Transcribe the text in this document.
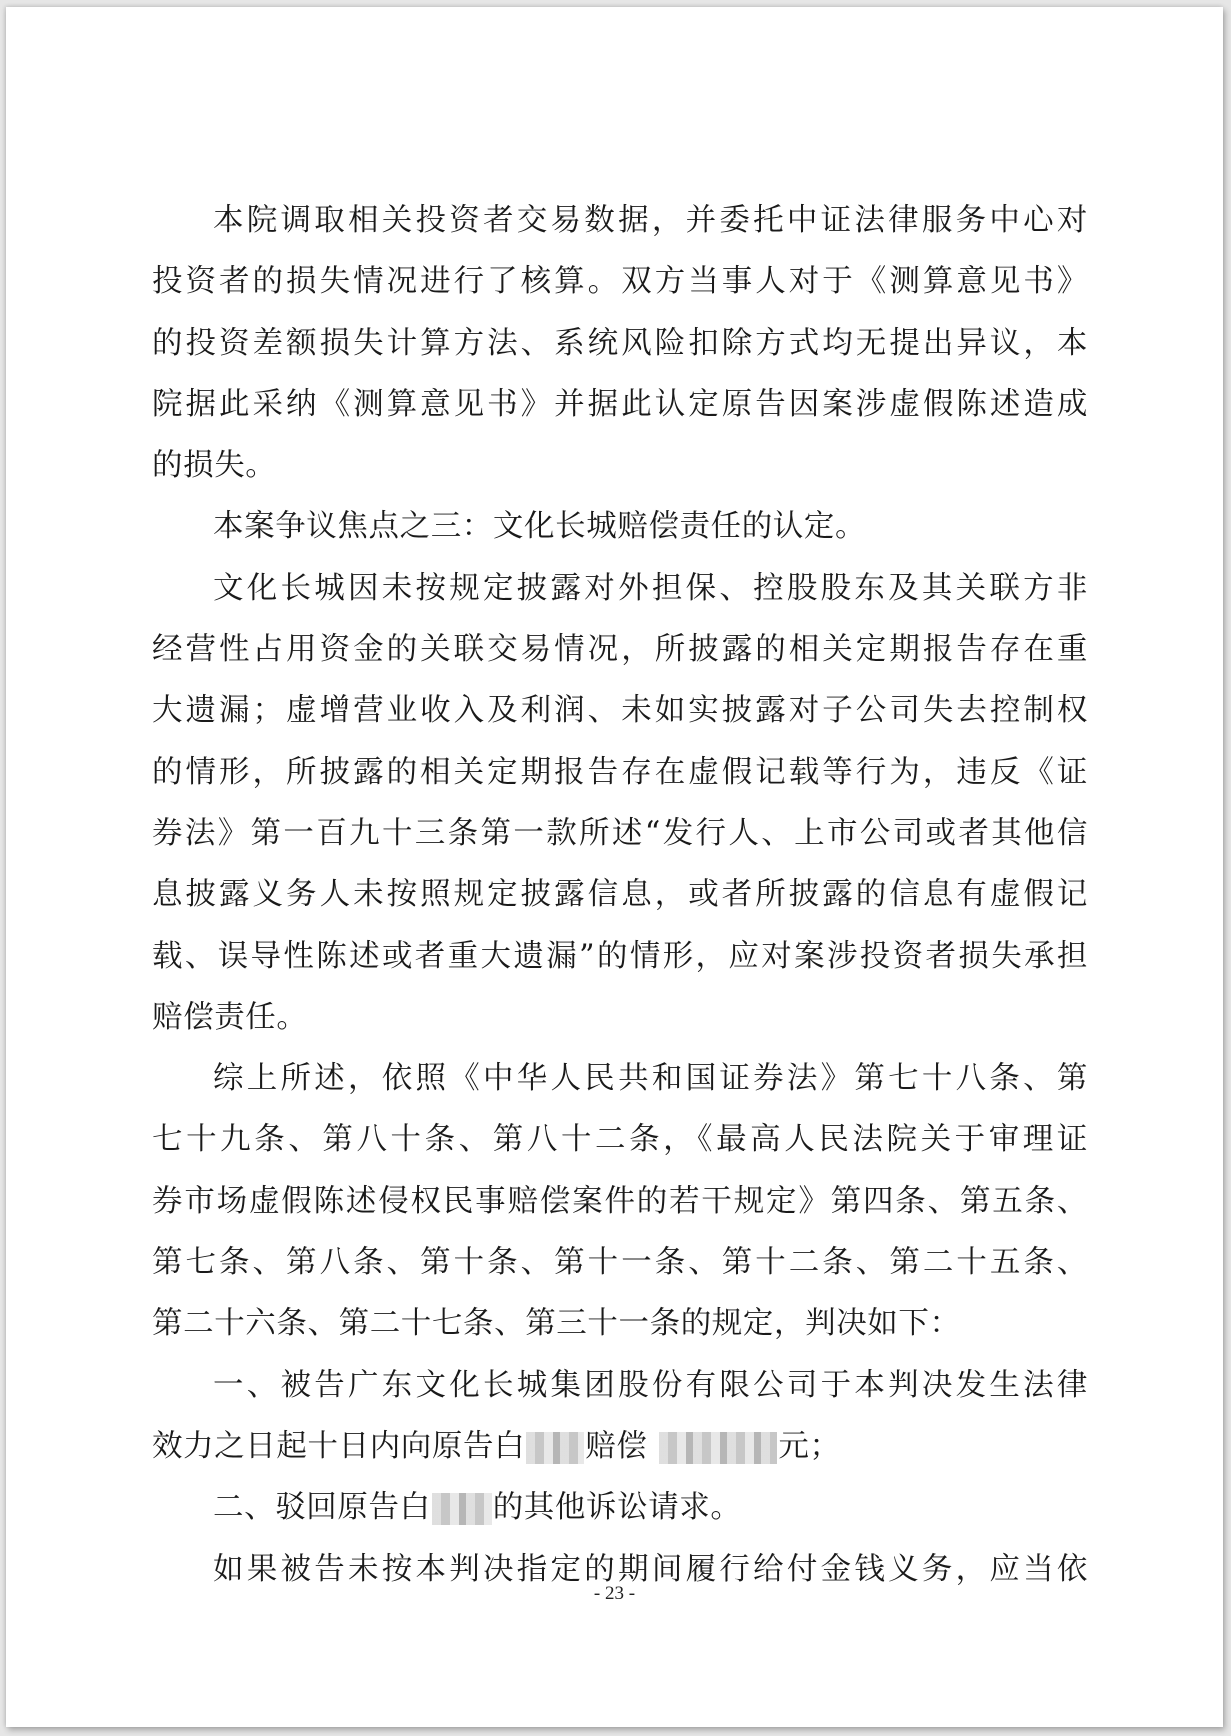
本院调取相关投资者交易数据，并委托中证法律服务中心对
投资者的损失情况进行了核算。双方当事人对于《测算意见书》
的投资差额损失计算方法、系统风险扣除方式均无提出异议，本
院据此采纳《测算意见书》并据此认定原告因案涉虚假陈述造成
的损失。

本案争议焦点之三：文化长城赔偿责任的认定。

文化长城因未按规定披露对外担保、控股股东及其关联方非
经营性占用资金的关联交易情况，所披露的相关定期报告存在重
大遗漏；虚增营业收入及利润、未如实披露对子公司失去控制权
的情形，所披露的相关定期报告存在虚假记载等行为，违反《证
券法》第一百九十三条第一款所述“发行人、上市公司或者其他信
息披露义务人未按照规定披露信息，或者所披露的信息有虚假记
载、误导性陈述或者重大遗漏”的情形，应对案涉投资者损失承担
赔偿责任。

综上所述，依照《中华人民共和国证券法》第七十八条、第
七十九条、第八十条、第八十二条，《最高人民法院关于审理证
券市场虚假陈述侵权民事赔偿案件的若干规定》第四条、第五条、
第七条、第八条、第十条、第十一条、第十二条、第二十五条、
第二十六条、第二十七条、第三十一条的规定，判决如下：

一、被告广东文化长城集团股份有限公司于本判决发生法律
效力之日起十日内向原告白 赔偿	元；

二、驳回原告白 的其他诉讼请求。

如果被告未按本判决指定的期间履行给付金钱义务，应当依

- 23 -
